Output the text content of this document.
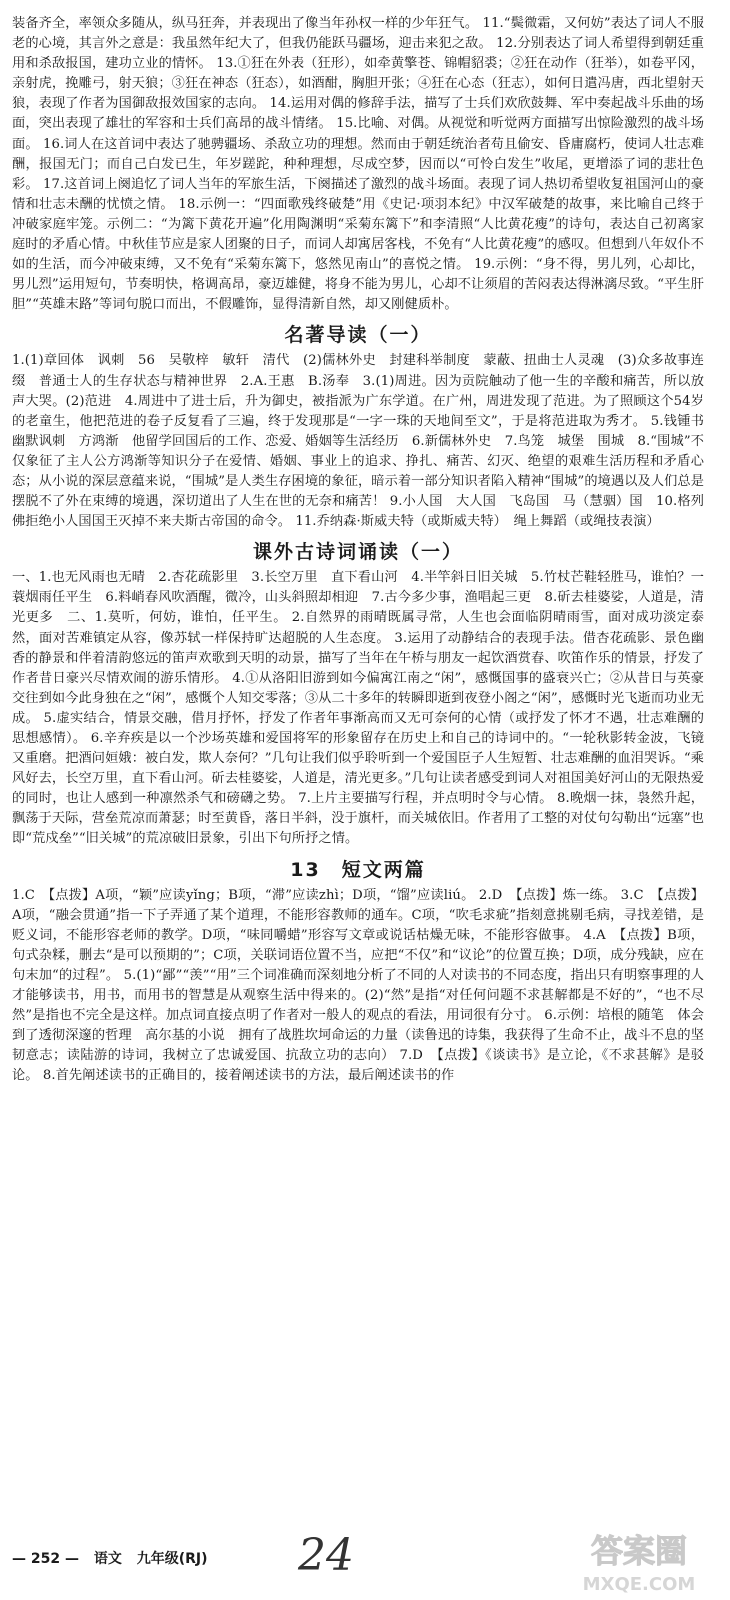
装备齐全，率领众多随从，纵马狂奔，并表现出了像当年孙权一样的少年狂气。 11.“鬓微霜，又何妨”表达了词人不服老的心境，其言外之意是：我虽然年纪大了，但我仍能跃马疆场，迎击来犯之敌。 12.分别表达了词人希望得到朝廷重用和杀敌报国，建功立业的情怀。 13.①狂在外表（狂形），如牵黄擎苍、锦帽貂裘；②狂在动作（狂举），如卷平冈，亲射虎，挽雕弓，射天狼；③狂在神态（狂态），如酒酣，胸胆开张；④狂在心态（狂志），如何日遣冯唐，西北望射天狼，表现了作者为国御敌报效国家的志向。 14.运用对偶的修辞手法，描写了士兵们欢欣鼓舞、军中奏起战斗乐曲的场面，突出表现了雄壮的军容和士兵们高昂的战斗情绪。 15.比喻、对偶。从视觉和听觉两方面描写出惊险激烈的战斗场面。 16.词人在这首词中表达了驰骋疆场、杀敌立功的理想。然而由于朝廷统治者苟且偷安、昏庸腐朽，使词人壮志难酬，报国无门；而自己白发已生，年岁蹉跎，种种理想，尽成空梦，因而以“可怜白发生”收尾，更增添了词的悲壮色彩。 17.这首词上阕追忆了词人当年的军旅生活，下阕描述了激烈的战斗场面。表现了词人热切希望收复祖国河山的豪情和壮志未酬的忧愤之情。 18.示例一：“四面歌残终破楚”用《史记·项羽本纪》中汉军破楚的故事，来比喻自己终于冲破家庭牢笼。示例二：“为篱下黄花开遍”化用陶渊明“采菊东篱下”和李清照“人比黄花瘦”的诗句，表达自己初离家庭时的矛盾心情。中秋佳节应是家人团聚的日子，而词人却寓居客栈，不免有“人比黄花瘦”的感叹。但想到八年奴仆不如的生活，而今冲破束缚，又不免有“采菊东篱下，悠然见南山”的喜悦之情。 19.示例：“身不得，男儿列，心却比，男儿烈”运用短句，节奏明快，格调高昂，豪迈雄健，将身不能为男儿，心却不让须眉的苦闷表达得淋漓尽致。“平生肝胆”“英雄末路”等词句脱口而出，不假雕饰，显得清新自然，却又刚健质朴。

名著导读（一）

1.(1)章回体　讽刺　56　吴敬梓　敏轩　清代　(2)儒林外史　封建科举制度　蒙蔽、扭曲士人灵魂　(3)众多故事连缀　普通士人的生存状态与精神世界　2.A.王惠　B.汤奉　3.(1)周进。因为贡院触动了他一生的辛酸和痛苦，所以放声大哭。(2)范进　4.周进中了进士后，升为御史，被指派为广东学道。在广州，周进发现了范进。为了照顾这个54岁的老童生，他把范进的卷子反复看了三遍，终于发现那是“一字一珠的天地间至文”，于是将范进取为秀才。 5.钱锺书　幽默讽刺　方鸿渐　他留学回国后的工作、恋爱、婚姻等生活经历　6.新儒林外史　7.鸟笼　城堡　围城　8.“围城”不仅象征了主人公方鸿渐等知识分子在爱情、婚姻、事业上的追求、挣扎、痛苦、幻灭、绝望的艰难生活历程和矛盾心态；从小说的深层意蕴来说，“围城”是人类生存困境的象征，暗示着一部分知识者陷入精神“围城”的境遇以及人们总是摆脱不了外在束缚的境遇，深切道出了人生在世的无奈和痛苦！ 9.小人国　大人国　飞岛国　马（慧骃）国　10.格列佛拒绝小人国国王灭掉不来夫斯古帝国的命令。 11.乔纳森·斯威夫特（或斯威夫特）　绳上舞蹈（或绳技表演）

课外古诗词诵读（一）

一、1.也无风雨也无晴　2.杏花疏影里　3.长空万里　直下看山河　4.半竿斜日旧关城　5.竹杖芒鞋轻胜马，谁怕？一蓑烟雨任平生　6.料峭春风吹酒醒，微冷，山头斜照却相迎　7.古今多少事，渔唱起三更　8.斫去桂婆娑，人道是，清光更多　二、1.莫听，何妨，谁怕，任平生。 2.自然界的雨晴既属寻常，人生也会面临阴晴雨雪，面对成功淡定泰然，面对苦难镇定从容，像苏轼一样保持旷达超脱的人生态度。 3.运用了动静结合的表现手法。借杏花疏影、景色幽香的静景和伴着清韵悠远的笛声欢歌到天明的动景，描写了当年在午桥与朋友一起饮酒赏春、吹笛作乐的情景，抒发了作者昔日豪兴尽情欢闹的游乐情形。 4.①从洛阳旧游到如今偏寓江南之“闲”，感慨国事的盛衰兴亡；②从昔日与英豪交往到如今此身独在之“闲”，感慨个人知交零落；③从二十多年的转瞬即逝到夜登小阁之“闲”，感慨时光飞逝而功业无成。 5.虚实结合，情景交融，借月抒怀，抒发了作者年事渐高而又无可奈何的心情（或抒发了怀才不遇，壮志难酬的思想感情）。 6.辛弃疾是以一个沙场英雄和爱国将军的形象留存在历史上和自己的诗词中的。“一轮秋影转金波，飞镜又重磨。把酒问姮娥：被白发，欺人奈何？”几句让我们似乎聆听到一个爱国臣子人生短暂、壮志难酬的血泪哭诉。“乘风好去，长空万里，直下看山河。斫去桂婆娑，人道是，清光更多。”几句让读者感受到词人对祖国美好河山的无限热爱的同时，也让人感到一种凛然杀气和磅礴之势。 7.上片主要描写行程，并点明时令与心情。 8.晚烟一抹，袅然升起，飘荡于天际，营垒荒凉而萧瑟；时至黄昏，落日半斜，没于旗杆，而关城依旧。作者用了工整的对仗句勾勒出“远塞”也即“荒戍垒”“旧关城”的荒凉破旧景象，引出下句所抒之情。

13　短文两篇

1.C　【点拨】A项，“颖”应读yǐng；B项，“滞”应读zhì；D项，“馏”应读liú。 2.D　【点拨】炼一练。 3.C　【点拨】A项，“融会贯通”指一下子弄通了某个道理，不能形容教师的通车。C项，“吹毛求疵”指刻意挑剔毛病，寻找差错，是贬义词，不能形容老师的教学。D项，“味同嚼蜡”形容写文章或说话枯燥无味，不能形容做事。 4.A　【点拨】B项，句式杂糅，删去“是可以预期的”；C项，关联词语位置不当，应把“不仅”和“议论”的位置互换；D项，成分残缺，应在句末加“的过程”。 5.(1)“鄙”“羡”“用”三个词准确而深刻地分析了不同的人对读书的不同态度，指出只有明察事理的人才能够读书，用书，而用书的智慧是从观察生活中得来的。(2)“然”是指“对任何问题不求甚解都是不好的”，“也不尽然”是指也不完全是这样。加点词直接点明了作者对一般人的观点的看法，用词很有分寸。 6.示例：培根的随笔　体会到了透彻深邃的哲理　高尔基的小说　拥有了战胜坎坷命运的力量（读鲁迅的诗集，我获得了生命不止，战斗不息的坚韧意志；读陆游的诗词，我树立了忠诚爱国、抗敌立功的志向） 7.D　【点拨】《谈读书》是立论，《不求甚解》是驳论。 8.首先阐述读书的正确目的，接着阐述读书的方法，最后阐述读书的作

— 252 — 语文 九年级(RJ) 24	答案圈
MXQE.COM
